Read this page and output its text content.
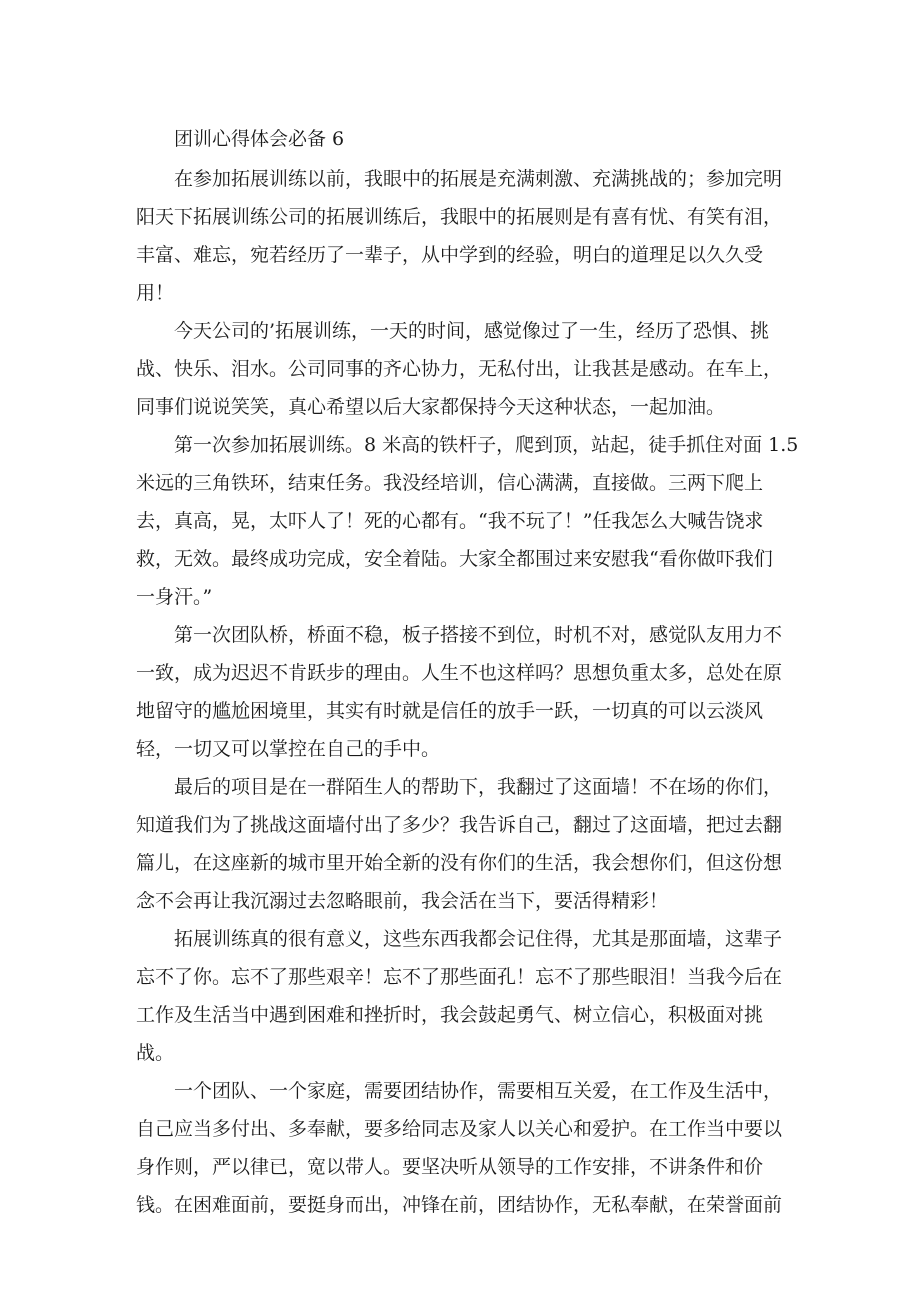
团训心得体会必备 6
在参加拓展训练以前，我眼中的拓展是充满刺激、充满挑战的；参加完明
阳天下拓展训练公司的拓展训练后，我眼中的拓展则是有喜有忧、有笑有泪，
丰富、难忘，宛若经历了一辈子，从中学到的经验，明白的道理足以久久受
用！
今天公司的’拓展训练，一天的时间，感觉像过了一生，经历了恐惧、挑
战、快乐、泪水。公司同事的齐心协力，无私付出，让我甚是感动。在车上，
同事们说说笑笑，真心希望以后大家都保持今天这种状态，一起加油。
第一次参加拓展训练。8 米高的铁杆子，爬到顶，站起，徒手抓住对面 1.5
米远的三角铁环，结束任务。我没经培训，信心满满，直接做。三两下爬上
去，真高，晃，太吓人了！死的心都有。“我不玩了！”任我怎么大喊告饶求
救，无效。最终成功完成，安全着陆。大家全都围过来安慰我“看你做吓我们
一身汗。”
第一次团队桥，桥面不稳，板子搭接不到位，时机不对，感觉队友用力不
一致，成为迟迟不肯跃步的理由。人生不也这样吗？思想负重太多，总处在原
地留守的尴尬困境里，其实有时就是信任的放手一跃，一切真的可以云淡风
轻，一切又可以掌控在自己的手中。
最后的项目是在一群陌生人的帮助下，我翻过了这面墙！不在场的你们，
知道我们为了挑战这面墙付出了多少？我告诉自己，翻过了这面墙，把过去翻
篇儿，在这座新的城市里开始全新的没有你们的生活，我会想你们，但这份想
念不会再让我沉溺过去忽略眼前，我会活在当下，要活得精彩！
拓展训练真的很有意义，这些东西我都会记住得，尤其是那面墙，这辈子
忘不了你。忘不了那些艰辛！忘不了那些面孔！忘不了那些眼泪！当我今后在
工作及生活当中遇到困难和挫折时，我会鼓起勇气、树立信心，积极面对挑
战。
一个团队、一个家庭，需要团结协作，需要相互关爱，在工作及生活中，
自己应当多付出、多奉献，要多给同志及家人以关心和爱护。在工作当中要以
身作则，严以律已，宽以带人。要坚决听从领导的工作安排，不讲条件和价
钱。在困难面前，要挺身而出，冲锋在前，团结协作，无私奉献，在荣誉面前
